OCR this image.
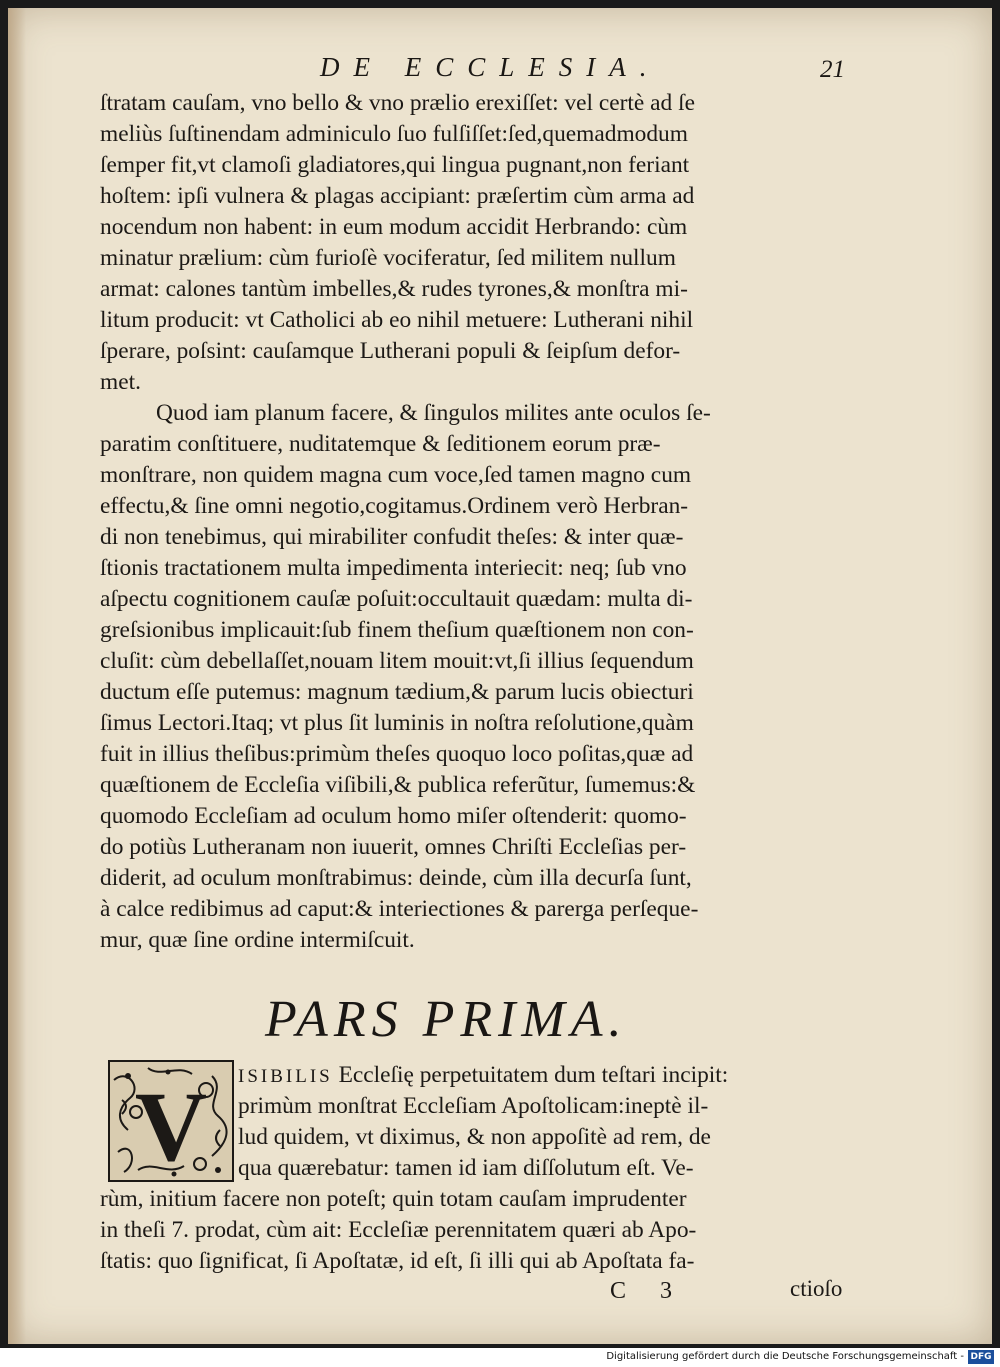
DE ECCLESIA.	21
ſtratam cauſam, vno bello & vno prælio erexiſſet: vel certè ad ſe
meliùs ſuſtinendam adminiculo ſuo fulſiſſet:ſed,quemadmodum
ſemper fit,vt clamoſi gladiatores,qui lingua pugnant,non feriant
hoſtem: ipſi vulnera & plagas accipiant: præſertim cùm arma ad
nocendum non habent: in eum modum accidit Herbrando: cùm
minatur prælium: cùm furioſè vociferatur, ſed militem nullum
armat: calones tantùm imbelles,& rudes tyrones,& monſtra mi-
litum producit: vt Catholici ab eo nihil metuere: Lutherani nihil
ſperare, poſsint: cauſamque Lutherani populi & ſeipſum defor-
met.
Quod iam planum facere, & ſingulos milites ante oculos ſe-
paratim conſtituere, nuditatemque & ſeditionem eorum præ-
monſtrare, non quidem magna cum voce,ſed tamen magno cum
effectu,& ſine omni negotio,cogitamus.Ordinem verò Herbran-
di non tenebimus, qui mirabiliter confudit theſes: & inter quæ-
ſtionis tractationem multa impedimenta interiecit: neq; ſub vno
aſpectu cognitionem cauſæ poſuit:occultauit quædam: multa di-
greſsionibus implicauit:ſub finem theſium quæſtionem non con-
cluſit: cùm debellaſſet,nouam litem mouit:vt,ſi illius ſequendum
ductum eſſe putemus: magnum tædium,& parum lucis obiecturi
ſimus Lectori.Itaq; vt plus ſit luminis in noſtra reſolutione,quàm
fuit in illius theſibus:primùm theſes quoquo loco poſitas,quæ ad
quæſtionem de Eccleſia viſibili,& publica referũtur, ſumemus:&
quomodo Eccleſiam ad oculum homo miſer oſtenderit: quomo-
do potiùs Lutheranam non iuuerit, omnes Chriſti Eccleſias per-
diderit, ad oculum monſtrabimus: deinde, cùm illa decurſa ſunt,
à calce redibimus ad caput:& interiectiones & parerga perſeque-
mur, quæ ſine ordine intermiſcuit.
PARS PRIMA.
V ISIBILIS Eccleſię perpetuitatem dum teſtari incipit:
primùm monſtrat Eccleſiam Apoſtolicam:ineptè il-
lud quidem, vt diximus, & non appoſitè ad rem, de
qua quærebatur: tamen id iam diſſolutum eſt. Ve-
rùm, initium facere non poteſt; quin totam cauſam imprudenter
in theſi 7. prodat, cùm ait: Eccleſiæ perennitatem quæri ab Apo-
ſtatis: quo ſignificat, ſi Apoſtatæ, id eſt, ſi illi qui ab Apoſtata fa-
C 3	ctioſo
Digitalisierung gefördert durch die Deutsche Forschungsgemeinschaft - DFG
